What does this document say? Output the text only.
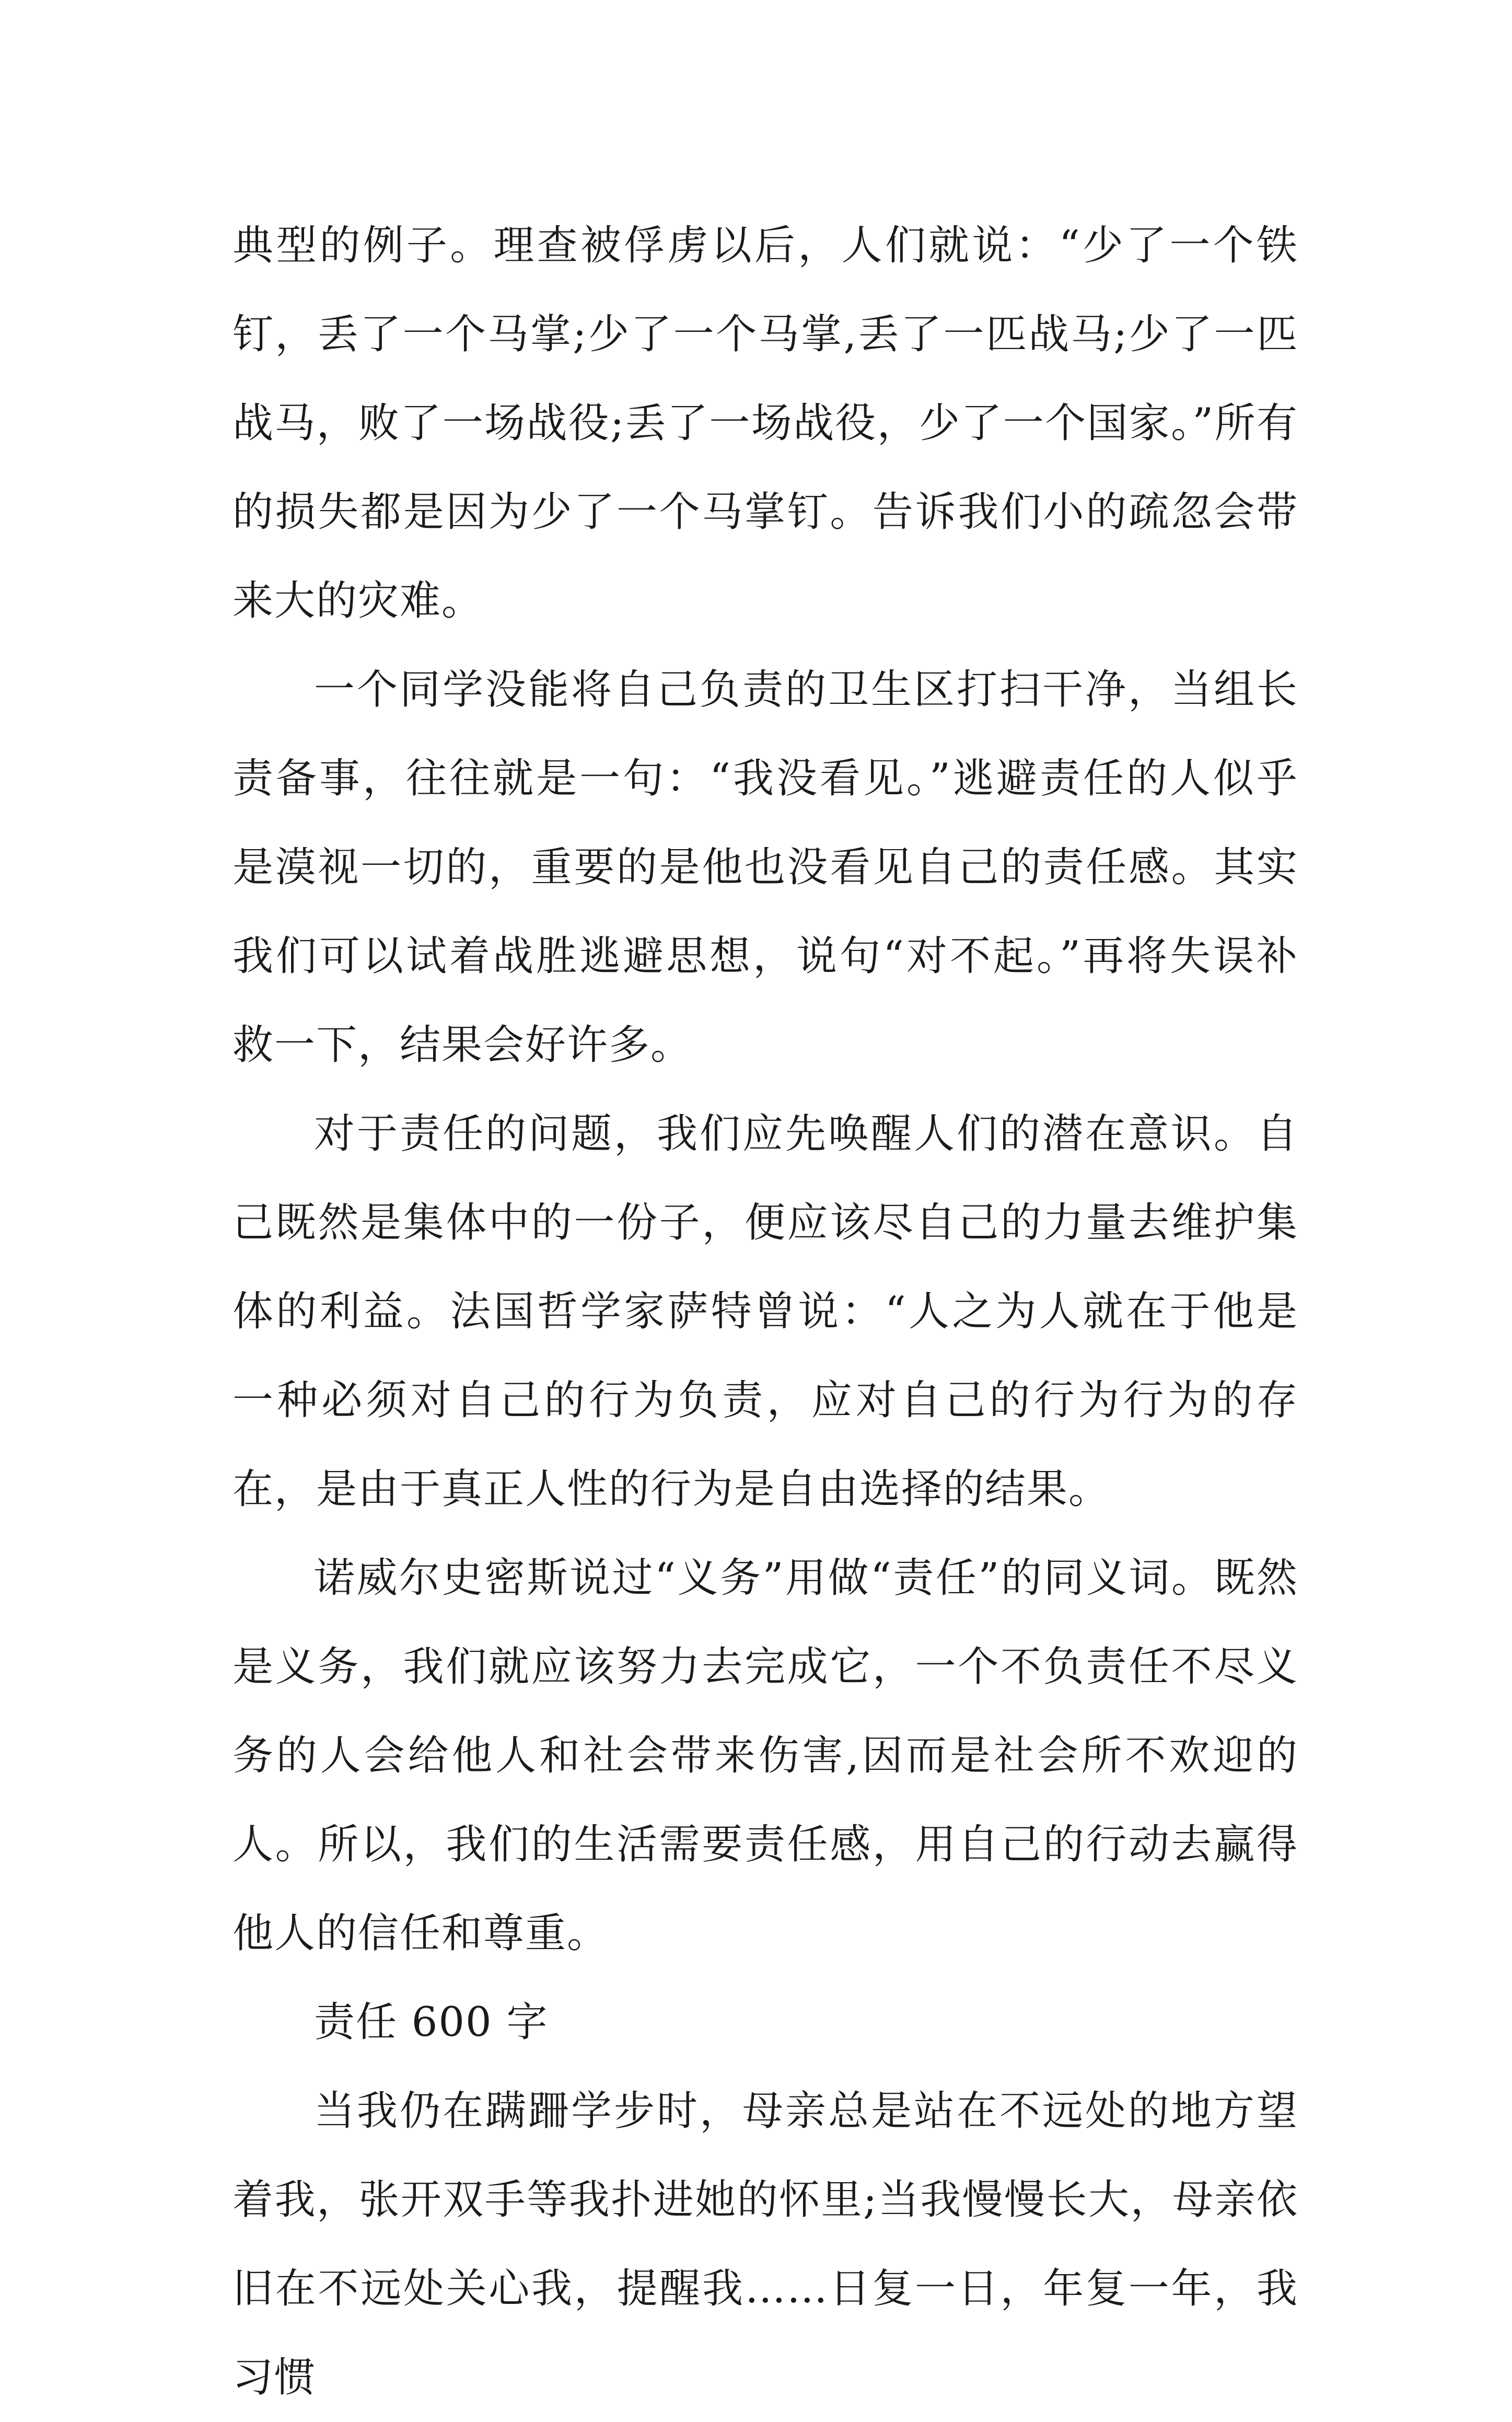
典型的例子。理查被俘虏以后，人们就说：“少了一个铁钉，丢了一个马掌;少了一个马掌,丢了一匹战马;少了一匹战马，败了一场战役;丢了一场战役，少了一个国家。”所有的损失都是因为少了一个马掌钉。告诉我们小的疏忽会带来大的灾难。

一个同学没能将自己负责的卫生区打扫干净，当组长责备事，往往就是一句：“我没看见。”逃避责任的人似乎是漠视一切的，重要的是他也没看见自己的责任感。其实我们可以试着战胜逃避思想，说句“对不起。”再将失误补救一下，结果会好许多。

对于责任的问题，我们应先唤醒人们的潜在意识。自己既然是集体中的一份子，便应该尽自己的力量去维护集体的利益。法国哲学家萨特曾说：“人之为人就在于他是一种必须对自己的行为负责，应对自己的行为行为的存在，是由于真正人性的行为是自由选择的结果。

诺威尔史密斯说过“义务”用做“责任”的同义词。既然是义务，我们就应该努力去完成它，一个不负责任不尽义务的人会给他人和社会带来伤害,因而是社会所不欢迎的人。所以，我们的生活需要责任感，用自己的行动去赢得他人的信任和尊重。

责任 600 字

当我仍在蹒跚学步时，母亲总是站在不远处的地方望着我，张开双手等我扑进她的怀里;当我慢慢长大，母亲依旧在不远处关心我，提醒我……日复一日，年复一年，我习惯
